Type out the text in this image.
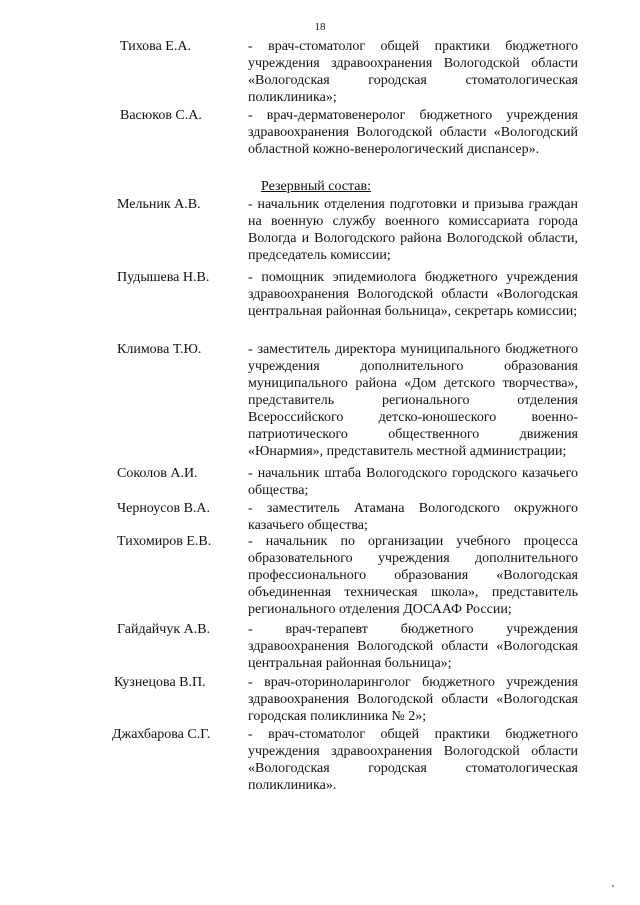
18
Тихова Е.А.	- врач-стоматолог общей практики бюджетного учреждения здравоохранения Вологодской области «Вологодская городская стоматологическая поликлиника»;
Васюков С.А.	- врач-дерматовенеролог бюджетного учреждения здравоохранения Вологодской области «Вологодский областной кожно-венерологический диспансер».
Резервный состав:
Мельник А.В.	- начальник отделения подготовки и призыва граждан на военную службу военного комиссариата города Вологда и Вологодского района Вологодской области, председатель комиссии;
Пудышева Н.В.	- помощник эпидемиолога бюджетного учреждения здравоохранения Вологодской области «Вологодская центральная районная больница», секретарь комиссии;
Климова Т.Ю.	- заместитель директора муниципального бюджетного учреждения дополнительного образования муниципального района «Дом детского творчества», представитель регионального отделения Всероссийского детско-юношеского военно-патриотического общественного движения «Юнармия», представитель местной администрации;
Соколов А.И.	- начальник штаба Вологодского городского казачьего общества;
Черноусов В.А.	- заместитель Атамана Вологодского окружного казачьего общества;
Тихомиров Е.В.	- начальник по организации учебного процесса образовательного учреждения дополнительного профессионального образования «Вологодская объединенная техническая школа», представитель регионального отделения ДОСААФ России;
Гайдайчук А.В.	- врач-терапевт бюджетного учреждения здравоохранения Вологодской области «Вологодская центральная районная больница»;
Кузнецова В.П.	- врач-оториноларинголог бюджетного учреждения здравоохранения Вологодской области «Вологодская городская поликлиника № 2»;
Джахбарова С.Г.	- врач-стоматолог общей практики бюджетного учреждения здравоохранения Вологодской области «Вологодская городская стоматологическая поликлиника».
